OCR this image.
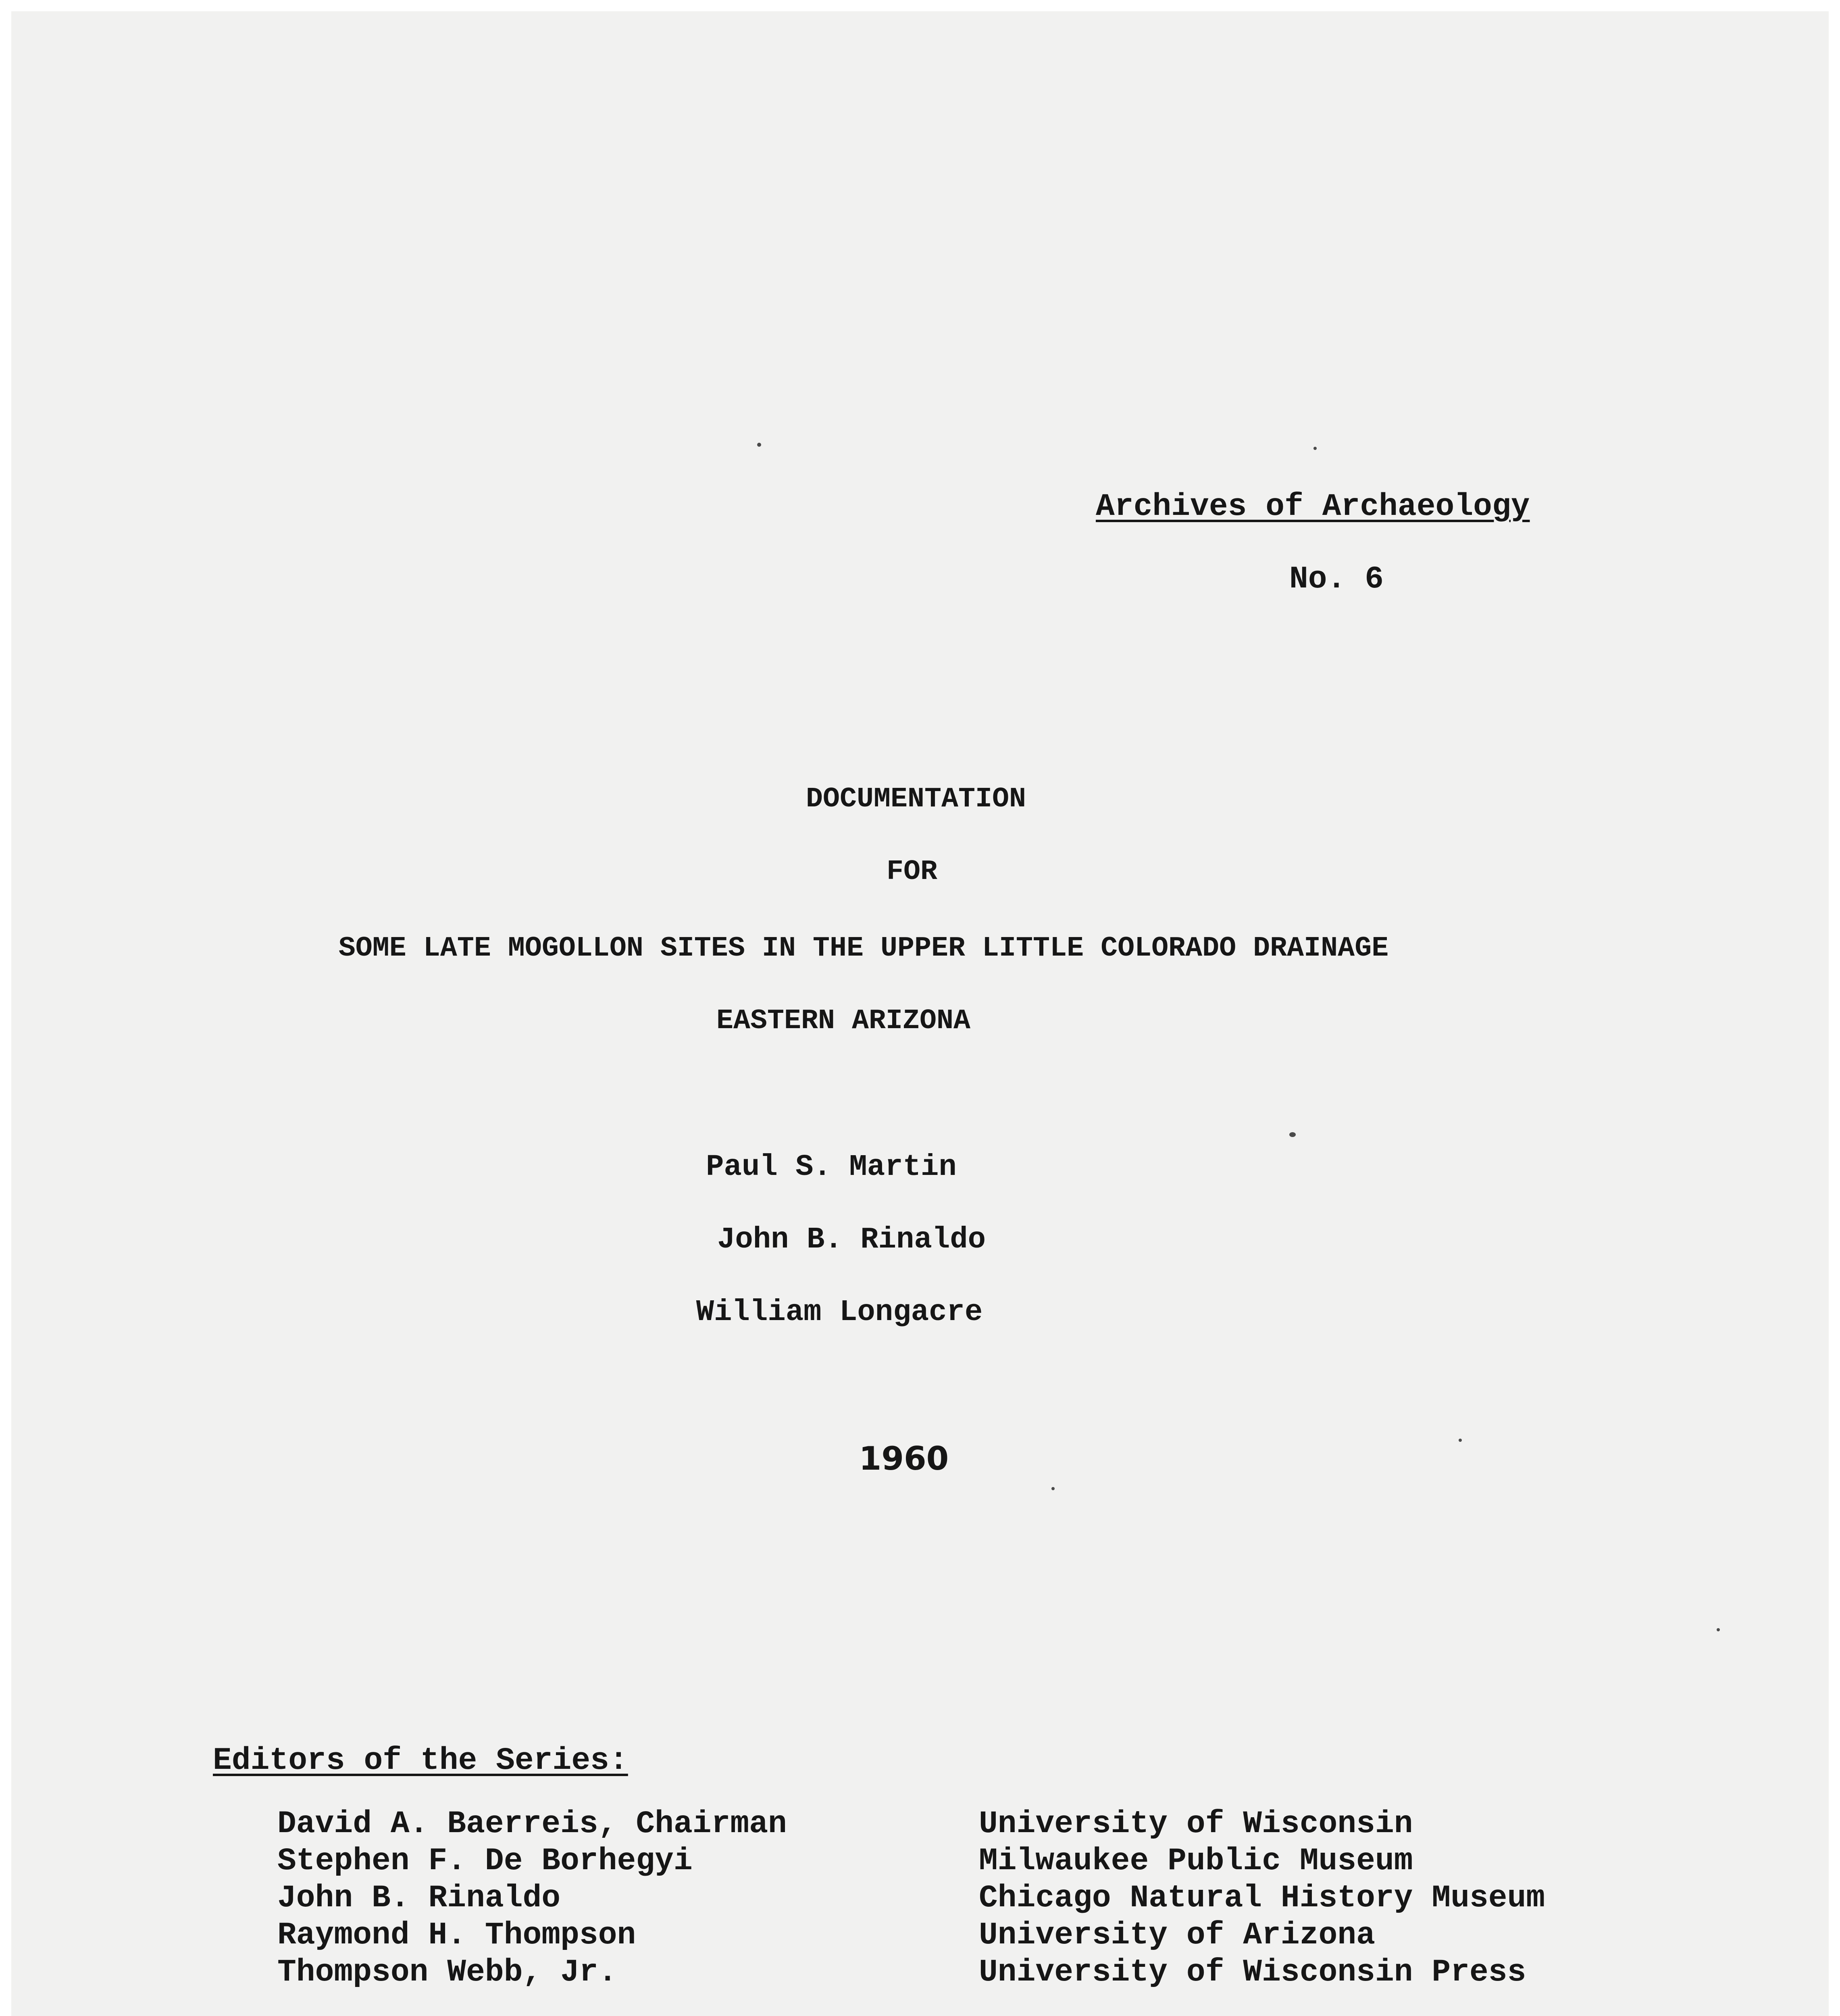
Archives of Archaeology
No. 6
DOCUMENTATION
FOR
SOME LATE MOGOLLON SITES IN THE UPPER LITTLE COLORADO DRAINAGE
EASTERN ARIZONA
Paul S. Martin
John B. Rinaldo
William Longacre
1960
Editors of the Series:
David A. Baerreis, Chairman	University of Wisconsin
Stephen F. De Borhegyi	Milwaukee Public Museum
John B. Rinaldo	Chicago Natural History Museum
Raymond H. Thompson	University of Arizona
Thompson Webb, Jr.	University of Wisconsin Press
